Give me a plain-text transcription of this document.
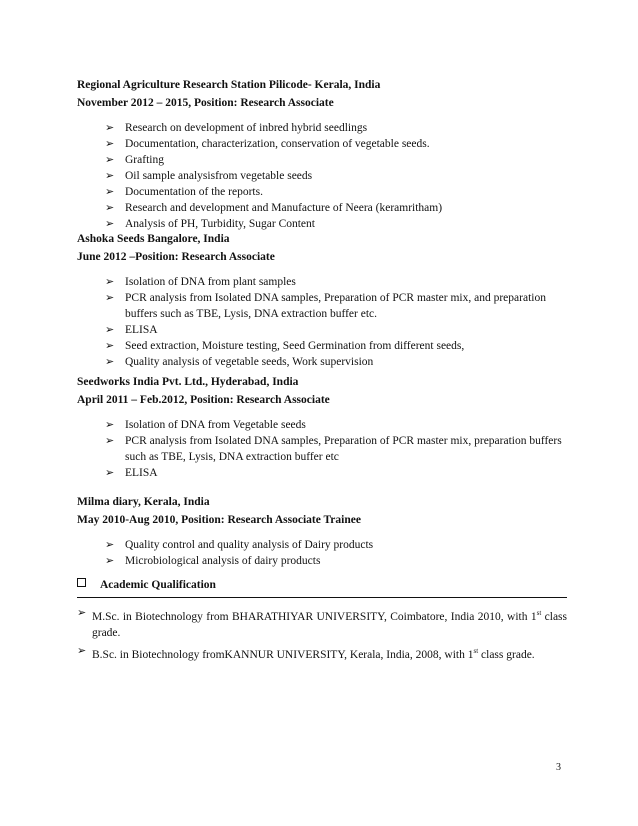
Regional Agriculture Research Station Pilicode- Kerala, India
November 2012 – 2015, Position: Research Associate
➢ Research on development of inbred hybrid seedlings
➢ Documentation, characterization, conservation of vegetable seeds.
➢ Grafting
➢ Oil sample analysisfrom vegetable seeds
➢ Documentation of the reports.
➢ Research and development and Manufacture of Neera (keramritham)
➢ Analysis of PH, Turbidity, Sugar Content
Ashoka Seeds Bangalore, India
June 2012 –Position: Research Associate
➢ Isolation of DNA from plant samples
➢ PCR analysis from Isolated DNA samples, Preparation of PCR master mix, and preparation buffers such as TBE, Lysis, DNA extraction buffer etc.
➢ ELISA
➢ Seed extraction, Moisture testing, Seed Germination from different seeds,
➢ Quality analysis of vegetable seeds, Work supervision
Seedworks India Pvt. Ltd., Hyderabad, India
April 2011 – Feb.2012, Position: Research Associate
➢ Isolation of DNA from Vegetable seeds
➢ PCR analysis from Isolated DNA samples, Preparation of PCR master mix, preparation buffers such as TBE, Lysis, DNA extraction buffer etc
➢ ELISA
Milma diary, Kerala, India
May 2010-Aug 2010, Position: Research Associate Trainee
➢ Quality control and quality analysis of Dairy products
➢ Microbiological analysis of dairy products
Academic Qualification
➢ M.Sc. in Biotechnology from BHARATHIYAR UNIVERSITY, Coimbatore, India 2010, with 1st class grade.
➢ B.Sc. in Biotechnology fromKANNUR UNIVERSITY, Kerala, India, 2008, with 1st class grade.
3
